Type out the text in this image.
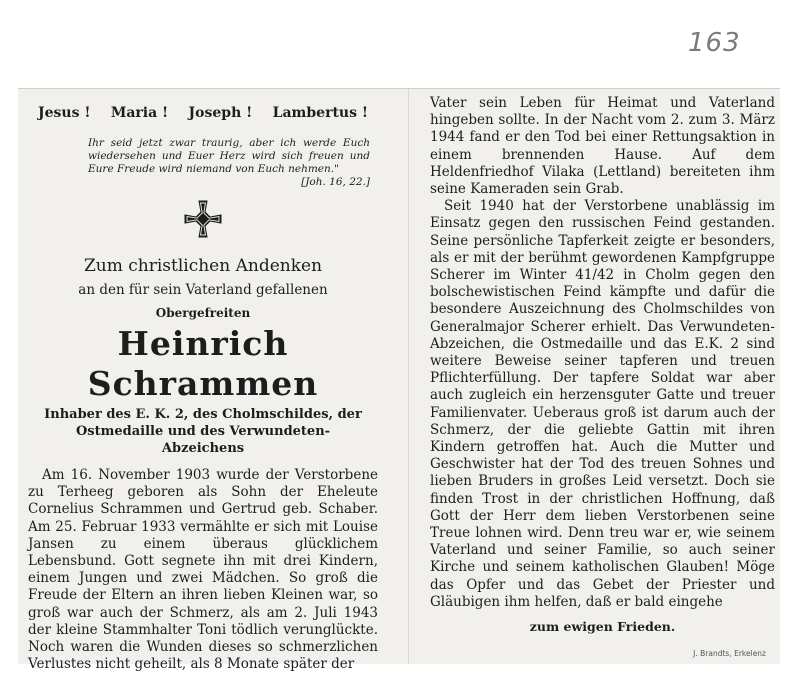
163
Jesus ! Maria ! Joseph ! Lambertus !
Ihr seid jetzt zwar traurig, aber ich werde Euch wiedersehen und Euer Herz wird sich freuen und Eure Freude wird niemand von Euch nehmen."
[Joh. 16, 22.]
Zum christlichen Andenken
an den für sein Vaterland gefallenen
Obergefreiten
Heinrich Schrammen
Inhaber des E. K. 2, des Cholmschildes, der Ostmedaille und des Verwundeten-Abzeichens

Am 16. November 1903 wurde der Verstorbene zu Terheeg geboren als Sohn der Eheleute Cornelius Schrammen und Gertrud geb. Schaber. Am 25. Februar 1933 vermählte er sich mit Louise Jansen zu einem überaus glücklichem Lebensbund. Gott segnete ihn mit drei Kindern, einem Jungen und zwei Mädchen. So groß die Freude der Eltern an ihren lieben Kleinen war, so groß war auch der Schmerz, als am 2. Juli 1943 der kleine Stammhalter Toni tödlich verunglückte. Noch waren die Wunden dieses so schmerzlichen Verlustes nicht geheilt, als 8 Monate später der

Vater sein Leben für Heimat und Vaterland hingeben sollte. In der Nacht vom 2. zum 3. März 1944 fand er den Tod bei einer Rettungsaktion in einem brennenden Hause. Auf dem Heldenfriedhof Vilaka (Lettland) bereiteten ihm seine Kameraden sein Grab.

Seit 1940 hat der Verstorbene unablässig im Einsatz gegen den russischen Feind gestanden. Seine persönliche Tapferkeit zeigte er besonders, als er mit der berühmt gewordenen Kampfgruppe Scherer im Winter 41/42 in Cholm gegen den bolschewistischen Feind kämpfte und dafür die besondere Auszeichnung des Cholmschildes von Generalmajor Scherer erhielt. Das Verwundeten-Abzeichen, die Ostmedaille und das E.K. 2 sind weitere Beweise seiner tapferen und treuen Pflichterfüllung. Der tapfere Soldat war aber auch zugleich ein herzensguter Gatte und treuer Familienvater. Ueberaus groß ist darum auch der Schmerz, der die geliebte Gattin mit ihren Kindern getroffen hat. Auch die Mutter und Geschwister hat der Tod des treuen Sohnes und lieben Bruders in großes Leid versetzt. Doch sie finden Trost in der christlichen Hoffnung, daß Gott der Herr dem lieben Verstorbenen seine Treue lohnen wird. Denn treu war er, wie seinem Vaterland und seiner Familie, so auch seiner Kirche und seinem katholischen Glauben! Möge das Opfer und das Gebet der Priester und Gläubigen ihm helfen, daß er bald eingehe

zum ewigen Frieden.
J. Brandts, Erkelenz
